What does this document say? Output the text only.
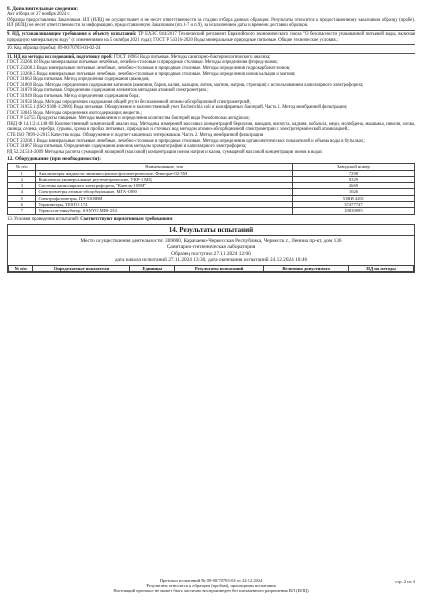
8. Дополнительные сведения:
Акт отбора от 27 ноября 2024 г.
Образцы предоставлены Заказчиком. ИЛ (ИЛЦ) не осуществляет и не несет ответственности за стадию отбора данных образцов. Результаты относятся к предоставленному заказчиком образцу (пробе). ИЛ (ИЛЦ) не несет ответственности за информацию, предоставленную Заказчиком (пп.1-7 и п.9), за исключением даты и времени доставки образцов.
9. НД, устанавливающие требования к объекту испытаний: ТР ЕАЭС 044/2017 Технический регламент Евразийского экономического союза "О безопасности упакованной питьевой воды, включая природную минеральную воду" (с изменениями на 5 октября 2021 года); ГОСТ Р 54316-2020 Воды минеральные природные питьевые. Общие технические условия.;
10. Код образца (пробы): 09-00/70703-04-02-24
11. НД на методы исследований, подготовку проб: ГОСТ 18963 Вода питьевая. Методы санитарно-бактериологического анализа;
ГОСТ 23268.18 Воды минеральные питьевые лечебные, лечебно-столовые и природные столовые. Методы определения фторид-ионов;
ГОСТ 23268.3 Воды минеральные питьевые лечебные, лечебно-столовые и природные столовые. Методы определения гидрокарбонат-ионов;
ГОСТ 23268.5 Воды минеральные питьевые лечебные, лечебно-столовые и природные столовые. Методы определения ионов кальция и магния;
ГОСТ 31863 Вода питьевая. Метод определения содержания цианидов;
ГОСТ 31869 Вода. Методы определения содержания катионов (аммония, бария, калия, кальция, лития, магния, натрия, стронция) с использованием капиллярного электрофореза;
ГОСТ 31870 Вода питьевая. Определение содержания элементов методами атомной спектрометрии.;
ГОСТ 31949 Вода питьевая. Метод определения содержания бора;
ГОСТ 31950 Вода. Методы определения содержания общей ртути беспламенной атомно-абсорбционной спектрометрией;
ГОСТ 31955.1 (ISO 9308-1:2000) Вода питьевая. Обнаружение и количественный учет Escherichia coli и колиформных бактерий. Часть 1. Метод мембранной фильтрации;
ГОСТ 33045 Вода. Методы определения азотсодержащих веществ.;
ГОСТ Р 54755 Продукты пищевые. Методы выявления и определения количества бактерий вида Pseudomonas aeruginosa;
ПНД Ф 14.1:2:4.140-98 Количественный химический анализ вод. Методика измерений массовых концентраций бериллия, ванадия, висмута, кадмия, кобальта, меди, молибдена, мышьяка, никеля, олова, свинца, селена, серебра, сурьмы, хрома в пробах питьевых, природных и сточных вод методом атомно-абсорбционной спектрометрии с электротермической атомизацией.;
СТБ ISO 7899-2-2015 Качество воды. Обнаружение и подсчет кишечных энтерококков. Часть 2. Метод мембранной фильтрации
ГОСТ 23268.1 Воды минеральные питьевые лечебные, лечебно-столовые и природные столовые. Методы определения органолептических показателей и объема воды в бутылках;
ГОСТ 31867 Вода питьевая. Определение содержания анионов методом хроматографии и капиллярного электрофореза;
РД 52.24.514-2009 Методика расчета суммарной молярной (массовой) концентрации ионов натрия и калия, суммарной массовой концентрации ионов в водах
12. Оборудование (при необходимости):
№ п/п	Наименование, тип	Заводской номер
1	Анализаторы жидкости люминесцентно-фотометрические, Флюорат-02-5М	7298
2	Комплексы универсальные ртутеметрические, УКР-1 МЦ	0329
3	Системы капиллярного электрофореза, "Капель-105М"	2669
4	Спектрометры атомно-абсорбционные, МГА-1000	1026
5	Спектрофотометры, ПЭ-5300ВИ	53ВИ 4201
6	Термометры, TESTO 174	37477747
7	Термостат-инкубатор, SANYO MIR-254	10030095
13. Условия проведения испытаний: Соответствуют нормативным требованиям
14. Результаты испытаний
Место осуществления деятельности: 369000, Карачаево-Черкесская Республика, Черкесск г., Ленина пр-кт, дом 136
Санитарно-гигиеническая лаборатория
Образец поступил 27.11.2024 12:00
дата начала испытаний 27.11.2024 13:30, дата окончания испытаний 24.12.2024 10:46
№ п/п	Определяемые показатели	Единицы	Результаты испытаний	Величина допустимого	НД на методы
Протокол испытаний № 09-00/70703-04 от 24.12.2024
Результаты относятся к образцам (пробам), прошедшим испытания
Настоящий протокол не может быть частично воспроизведен без письменного разрешения ИЛ (ИЛЦ)
стр. 2 из 3
